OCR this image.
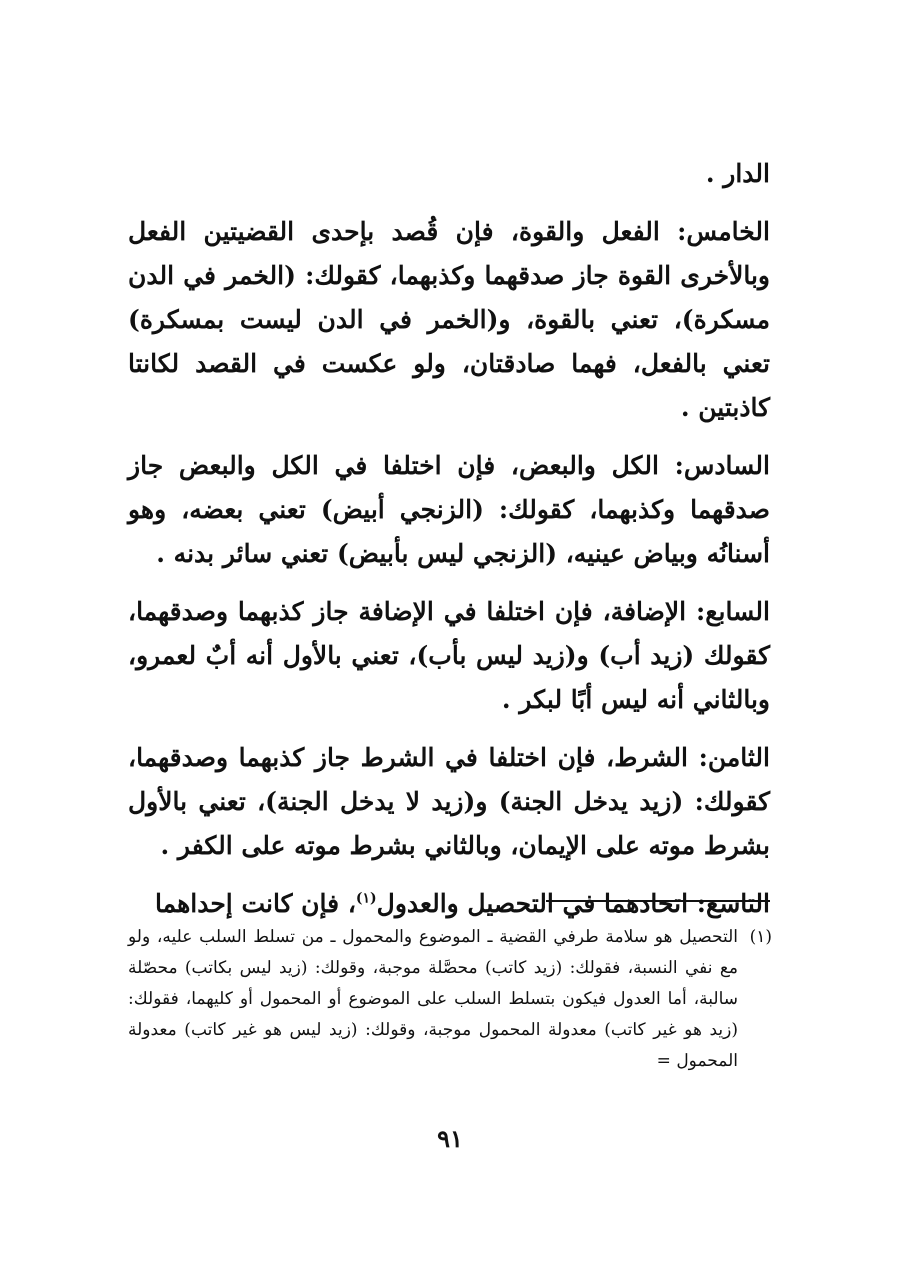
الدار .

الخامس: الفعل والقوة، فإن قُصد بإحدى القضيتين الفعل وبالأخرى القوة جاز صدقهما وكذبهما، كقولك: (الخمر في الدن مسكرة)، تعني بالقوة، و(الخمر في الدن ليست بمسكرة) تعني بالفعل، فهما صادقتان، ولو عكست في القصد لكانتا كاذبتين .

السادس: الكل والبعض، فإن اختلفا في الكل والبعض جاز صدقهما وكذبهما، كقولك: (الزنجي أبيض) تعني بعضه، وهو أسنانُه وبياض عينيه، (الزنجي ليس بأبيض) تعني سائر بدنه .

السابع: الإضافة، فإن اختلفا في الإضافة جاز كذبهما وصدقهما، كقولك (زيد أب) و(زيد ليس بأب)، تعني بالأول أنه أبٌ لعمرو، وبالثاني أنه ليس أبًا لبكر .

الثامن: الشرط، فإن اختلفا في الشرط جاز كذبهما وصدقهما، كقولك: (زيد يدخل الجنة) و(زيد لا يدخل الجنة)، تعني بالأول بشرط موته على الإيمان، وبالثاني بشرط موته على الكفر .

التاسع: اتحادهما في التحصيل والعدول$^{(١)}$، فإن كانت إحداهما

(١)
التحصيل هو سلامة طرفي القضية ـ الموضوع والمحمول ـ من تسلط السلب عليه، ولو مع نفي النسبة، فقولك: (زيد كاتب) محصَّلة موجبة، وقولك: (زيد ليس بكاتب) محصّلة سالبة، أما العدول فيكون بتسلط السلب على الموضوع أو المحمول أو كليهما، فقولك: (زيد هو غير كاتب) معدولة المحمول موجبة، وقولك: (زيد ليس هو غير كاتب) معدولة المحمول =
٩١
